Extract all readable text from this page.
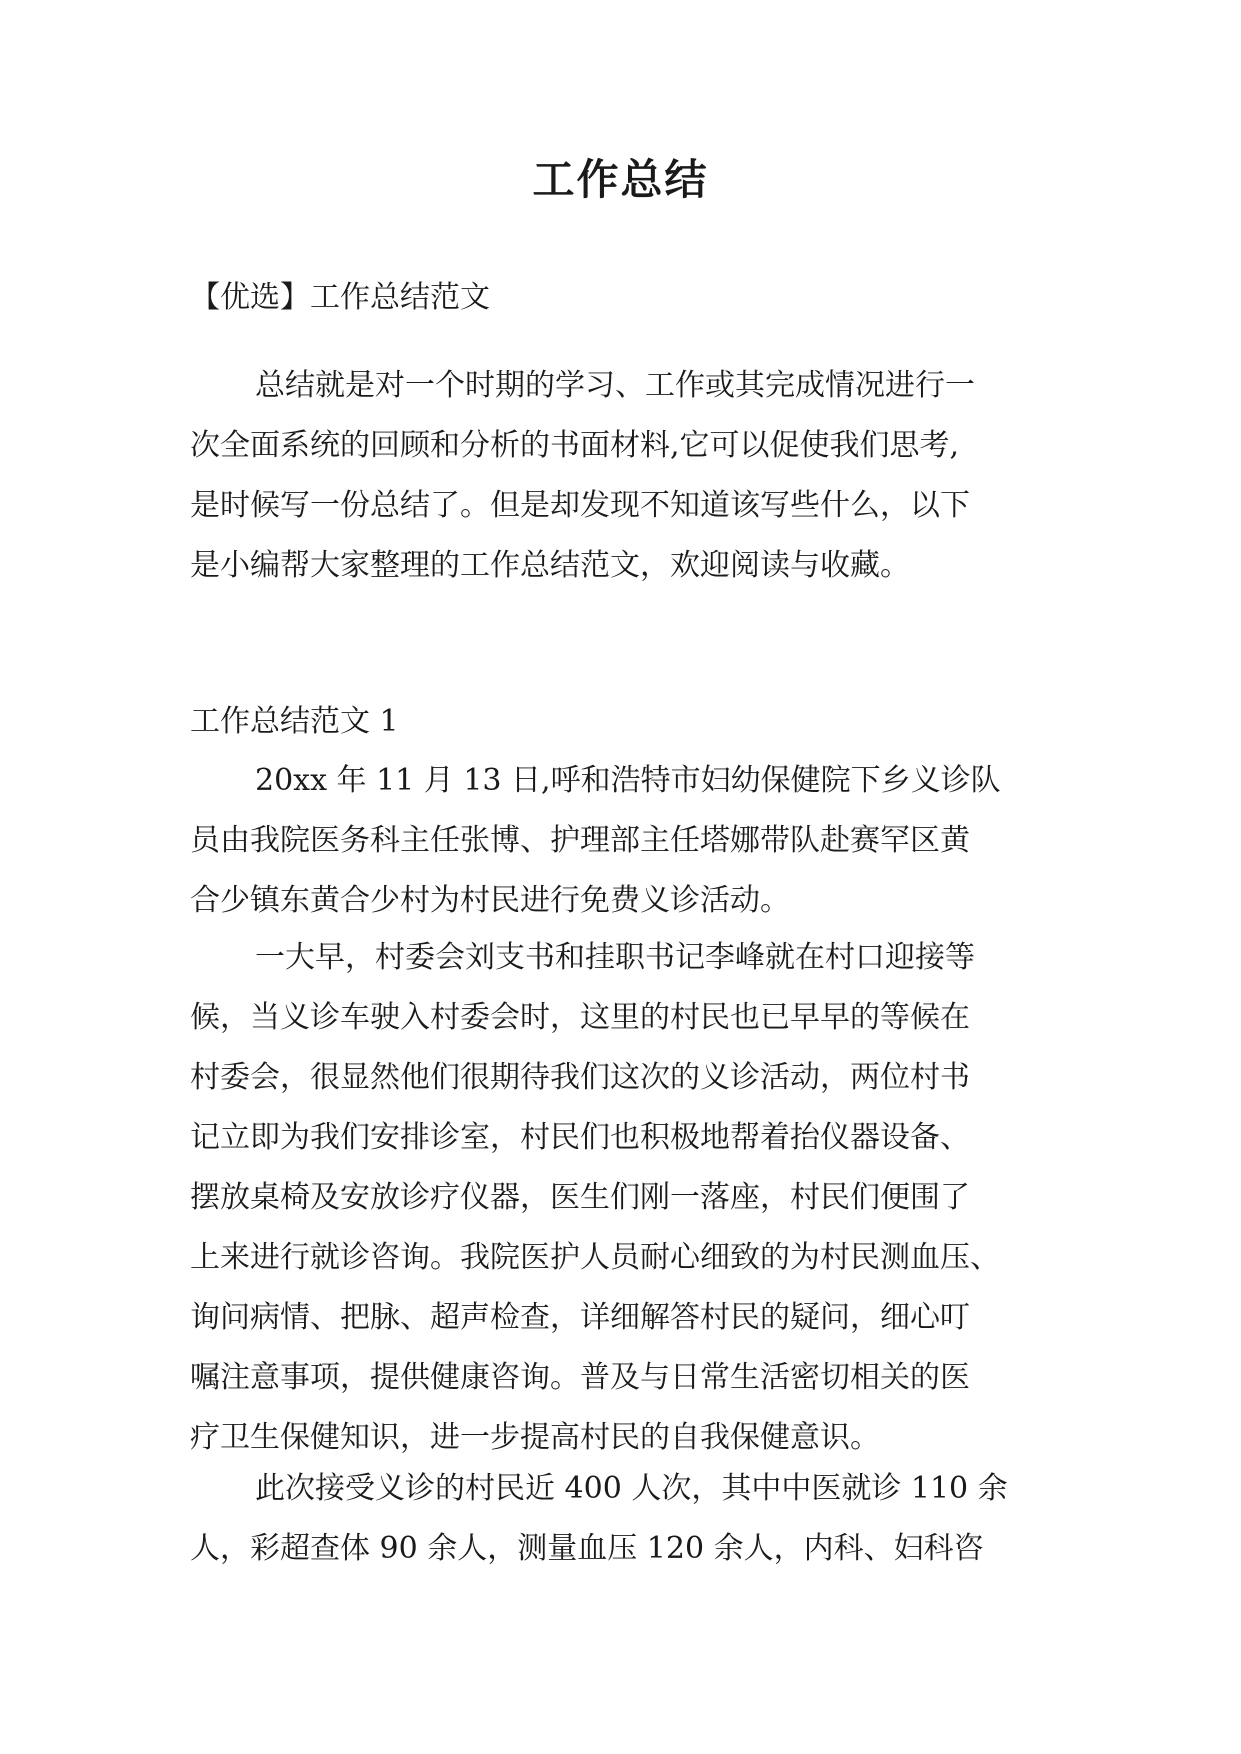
工作总结

【优选】工作总结范文

总结就是对一个时期的学习、工作或其完成情况进行一
次全面系统的回顾和分析的书面材料,它可以促使我们思考,
是时候写一份总结了。但是却发现不知道该写些什么，以下
是小编帮大家整理的工作总结范文，欢迎阅读与收藏。

工作总结范文 1

20xx 年 11 月 13 日,呼和浩特市妇幼保健院下乡义诊队
员由我院医务科主任张博、护理部主任塔娜带队赴赛罕区黄
合少镇东黄合少村为村民进行免费义诊活动。
一大早，村委会刘支书和挂职书记李峰就在村口迎接等
候，当义诊车驶入村委会时，这里的村民也已早早的等候在
村委会，很显然他们很期待我们这次的义诊活动，两位村书
记立即为我们安排诊室，村民们也积极地帮着抬仪器设备、
摆放桌椅及安放诊疗仪器，医生们刚一落座，村民们便围了
上来进行就诊咨询。我院医护人员耐心细致的为村民测血压、
询问病情、把脉、超声检查，详细解答村民的疑问，细心叮
嘱注意事项，提供健康咨询。普及与日常生活密切相关的医
疗卫生保健知识，进一步提高村民的自我保健意识。
此次接受义诊的村民近 400 人次，其中中医就诊 110 余
人，彩超查体 90 余人，测量血压 120 余人，内科、妇科咨
